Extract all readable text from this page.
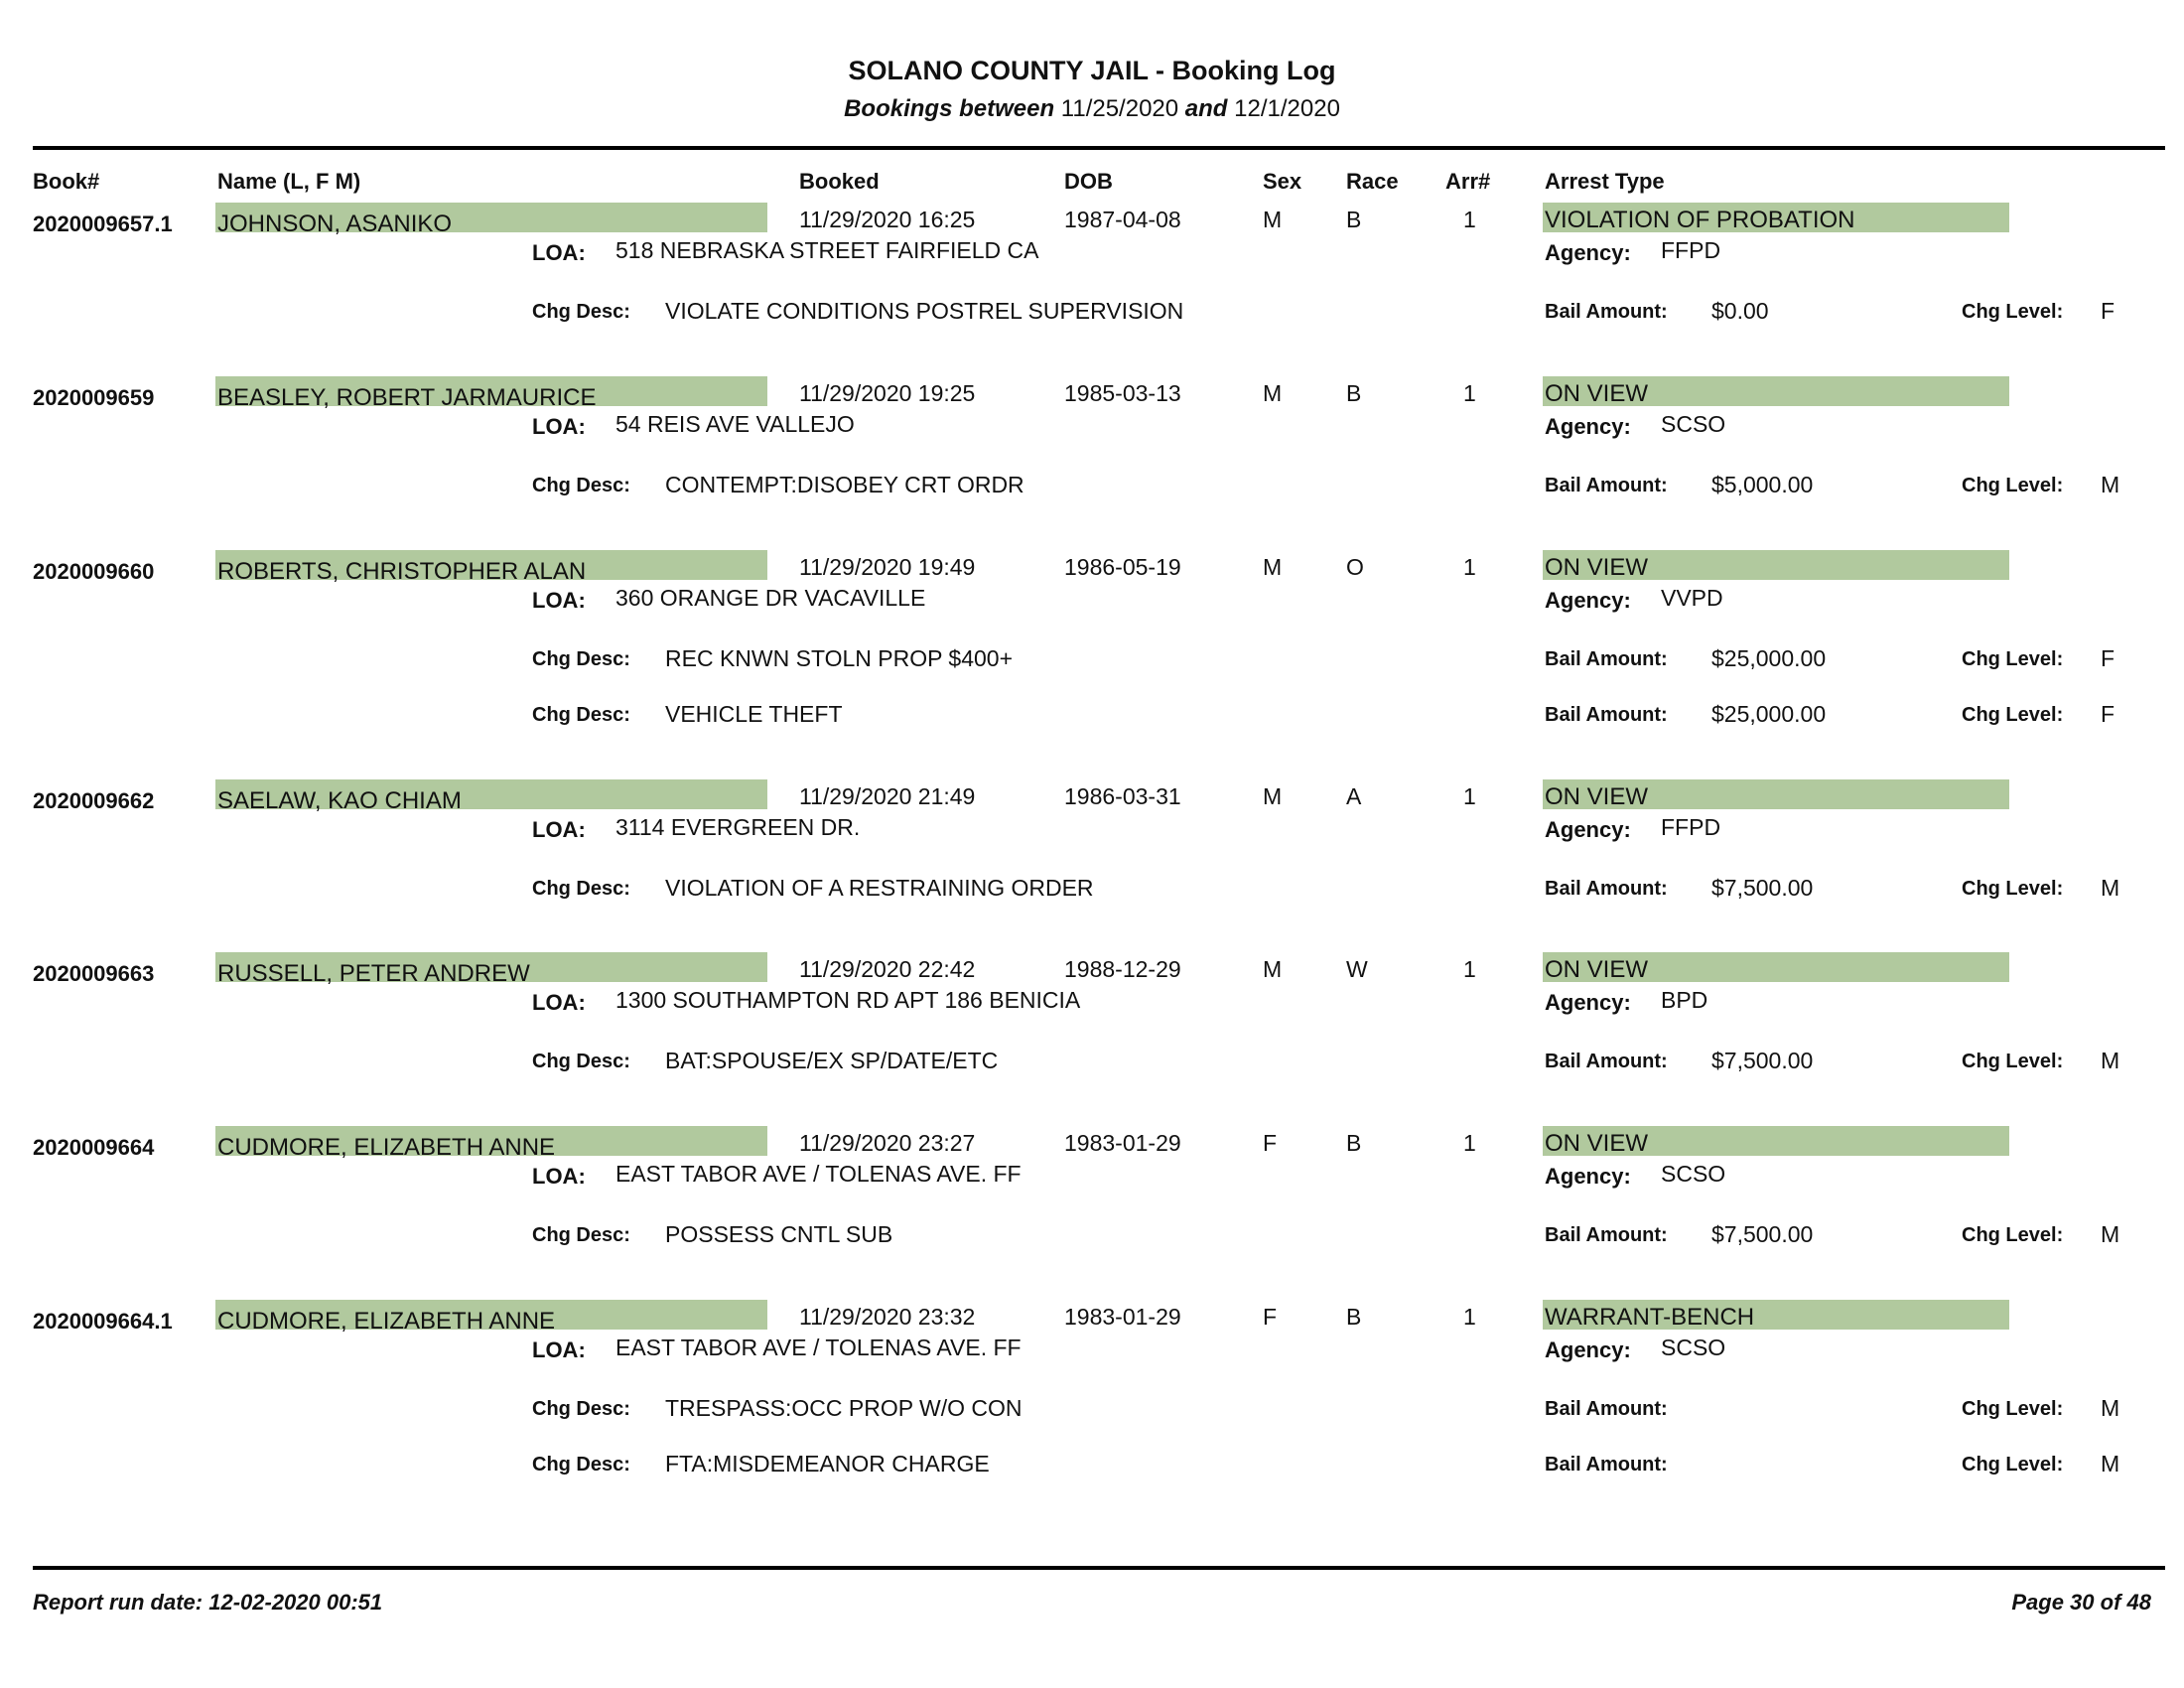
SOLANO COUNTY JAIL - Booking Log
Bookings between 11/25/2020 and 12/1/2020
Book#	Name (L, F M)	Booked	DOB	Sex Race Arr# Arrest Type
2020009657.1 JOHNSON, ASANIKO	11/29/2020 16:25	1987-04-08	M	B	1	VIOLATION OF PROBATION
LOA: 518 NEBRASKA STREET FAIRFIELD CA	Agency: FFPD
Chg Desc: VIOLATE CONDITIONS POSTREL SUPERVISION	Bail Amount: $0.00	Chg Level: F
2020009659	BEASLEY, ROBERT JARMAURICE	11/29/2020 19:25	1985-03-13	M	B	1	ON VIEW
LOA: 54 REIS AVE VALLEJO	Agency: SCSO
Chg Desc: CONTEMPT:DISOBEY CRT ORDR	Bail Amount: $5,000.00	Chg Level: M
2020009660	ROBERTS, CHRISTOPHER ALAN	11/29/2020 19:49	1986-05-19	M	O	1	ON VIEW
LOA: 360 ORANGE DR VACAVILLE	Agency: VVPD
Chg Desc: REC KNWN STOLN PROP $400+	Bail Amount: $25,000.00	Chg Level: F
Chg Desc: VEHICLE THEFT	Bail Amount: $25,000.00	Chg Level: F
2020009662	SAELAW, KAO CHIAM	11/29/2020 21:49	1986-03-31	M	A	1	ON VIEW
LOA: 3114 EVERGREEN DR.	Agency: FFPD
Chg Desc: VIOLATION OF A RESTRAINING ORDER	Bail Amount: $7,500.00	Chg Level: M
2020009663	RUSSELL, PETER ANDREW	11/29/2020 22:42	1988-12-29	M	W	1	ON VIEW
LOA: 1300 SOUTHAMPTON RD APT 186 BENICIA	Agency: BPD
Chg Desc: BAT:SPOUSE/EX SP/DATE/ETC	Bail Amount: $7,500.00	Chg Level: M
2020009664	CUDMORE, ELIZABETH ANNE	11/29/2020 23:27	1983-01-29	F	B	1	ON VIEW
LOA: EAST TABOR AVE / TOLENAS AVE. FF	Agency: SCSO
Chg Desc: POSSESS CNTL SUB	Bail Amount: $7,500.00	Chg Level: M
2020009664.1 CUDMORE, ELIZABETH ANNE	11/29/2020 23:32	1983-01-29	F	B	1	WARRANT-BENCH
LOA: EAST TABOR AVE / TOLENAS AVE. FF	Agency: SCSO
Chg Desc: TRESPASS:OCC PROP W/O CON	Bail Amount:	Chg Level: M
Chg Desc: FTA:MISDEMEANOR CHARGE	Bail Amount:	Chg Level: M
Report run date: 12-02-2020 00:51	Page 30 of 48
